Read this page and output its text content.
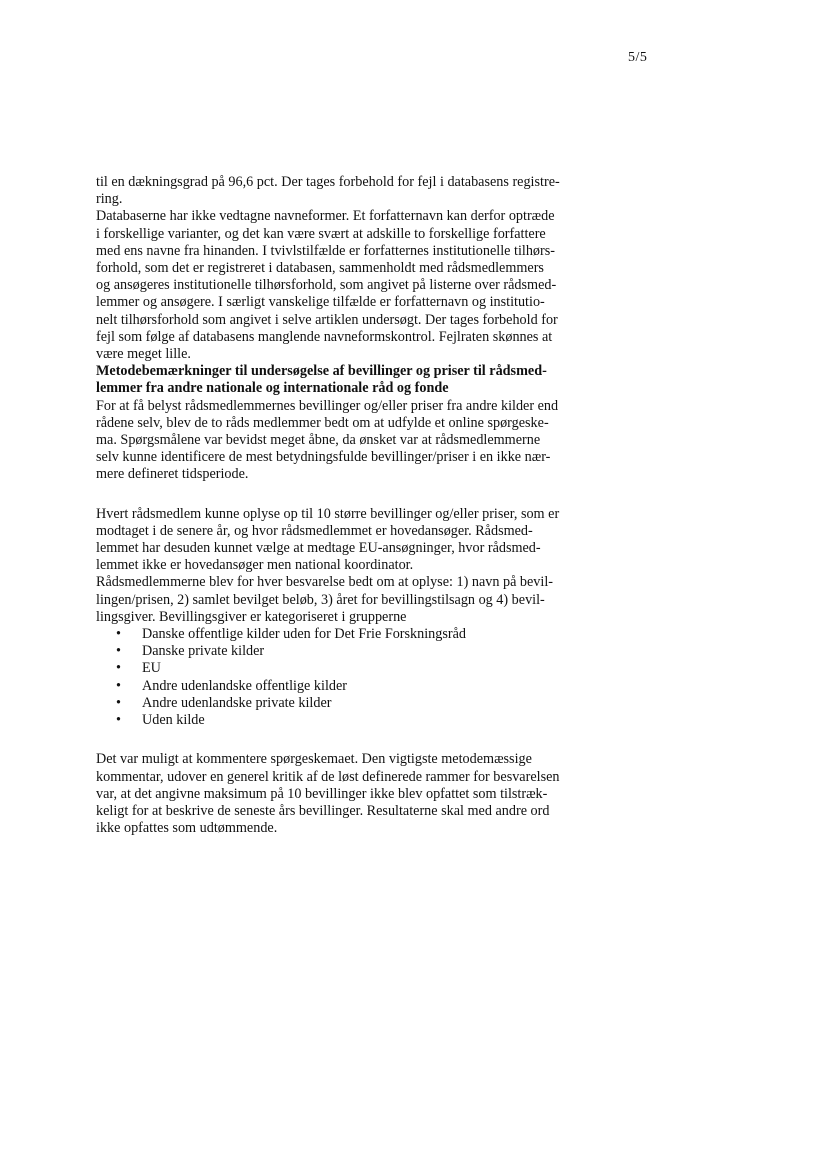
5/5

til en dækningsgrad på 96,6 pct. Der tages forbehold for fejl i databasens registre-
ring.

Databaserne har ikke vedtagne navneformer. Et forfatternavn kan derfor optræde
i forskellige varianter, og det kan være svært at adskille to forskellige forfattere
med ens navne fra hinanden. I tvivlstilfælde er forfatternes institutionelle tilhørs-
forhold, som det er registreret i databasen, sammenholdt med rådsmedlemmers
og ansøgeres institutionelle tilhørsforhold, som angivet på listerne over rådsmed-
lemmer og ansøgere. I særligt vanskelige tilfælde er forfatternavn og institutio-
nelt tilhørsforhold som angivet i selve artiklen undersøgt. Der tages forbehold for
fejl som følge af databasens manglende navneformskontrol. Fejlraten skønnes at
være meget lille.

Metodebemærkninger til undersøgelse af bevillinger og priser til rådsmed-
lemmer fra andre nationale og internationale råd og fonde

For at få belyst rådsmedlemmernes bevillinger og/eller priser fra andre kilder end
rådene selv, blev de to råds medlemmer bedt om at udfylde et online spørgeske-
ma. Spørgsmålene var bevidst meget åbne, da ønsket var at rådsmedlemmerne
selv kunne identificere de mest betydningsfulde bevillinger/priser i en ikke nær-
mere defineret tidsperiode.

Hvert rådsmedlem kunne oplyse op til 10 større bevillinger og/eller priser, som er
modtaget i de senere år, og hvor rådsmedlemmet er hovedansøger. Rådsmed-
lemmet har desuden kunnet vælge at medtage EU-ansøgninger, hvor rådsmed-
lemmet ikke er hovedansøger men national koordinator.

Rådsmedlemmerne blev for hver besvarelse bedt om at oplyse: 1) navn på bevil-
lingen/prisen, 2) samlet bevilget beløb, 3) året for bevillingstilsagn og 4) bevil-
lingsgiver. Bevillingsgiver er kategoriseret i grupperne

• Danske offentlige kilder uden for Det Frie Forskningsråd
• Danske private kilder
• EU
• Andre udenlandske offentlige kilder
• Andre udenlandske private kilder
• Uden kilde

Det var muligt at kommentere spørgeskemaet. Den vigtigste metodemæssige
kommentar, udover en generel kritik af de løst definerede rammer for besvarelsen
var, at det angivne maksimum på 10 bevillinger ikke blev opfattet som tilstræk-
keligt for at beskrive de seneste års bevillinger. Resultaterne skal med andre ord
ikke opfattes som udtømmende.
